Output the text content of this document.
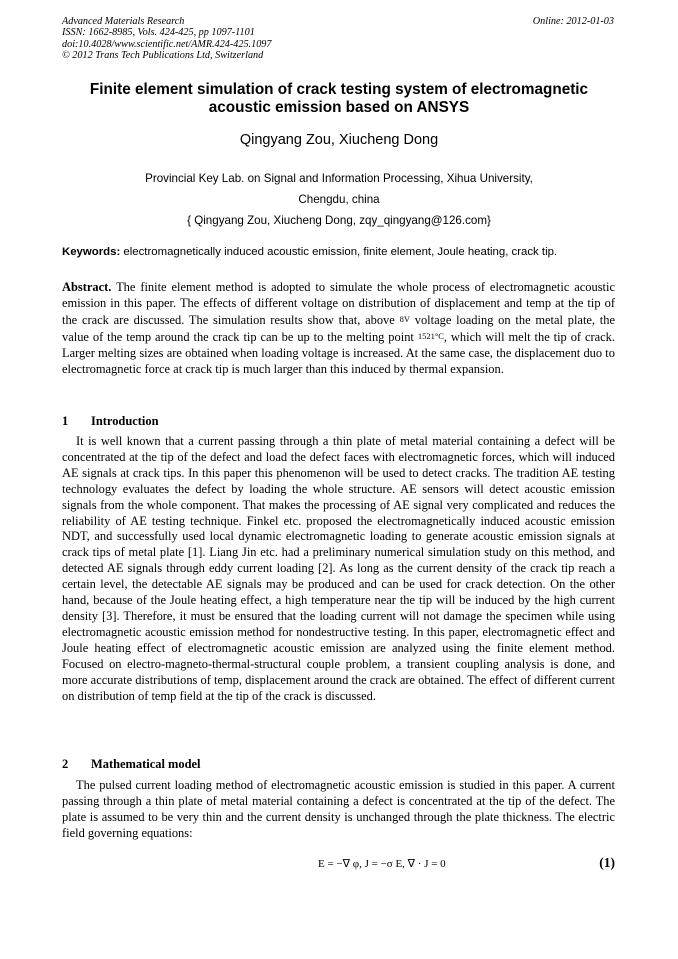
Advanced Materials Research
ISSN: 1662-8985, Vols. 424-425, pp 1097-1101
doi:10.4028/www.scientific.net/AMR.424-425.1097
© 2012 Trans Tech Publications Ltd, Switzerland
Online: 2012-01-03
Finite element simulation of crack testing system of electromagnetic
acoustic emission based on ANSYS
Qingyang Zou, Xiucheng Dong
Provincial Key Lab. on Signal and Information Processing, Xihua University,
Chengdu, china
{ Qingyang Zou, Xiucheng Dong, zqy_qingyang@126.com}
Keywords: electromagnetically induced acoustic emission, finite element, Joule heating, crack tip.
Abstract. The finite element method is adopted to simulate the whole process of electromagnetic acoustic emission in this paper. The effects of different voltage on distribution of displacement and temp at the tip of the crack are discussed. The simulation results show that, above 8V voltage loading on the metal plate, the value of the temp around the crack tip can be up to the melting point 1521°C, which will melt the tip of crack. Larger melting sizes are obtained when loading voltage is increased. At the same case, the displacement duo to electromagnetic force at crack tip is much larger than this induced by thermal expansion.
1 Introduction
It is well known that a current passing through a thin plate of metal material containing a defect will be concentrated at the tip of the defect and load the defect faces with electromagnetic forces, which will induced AE signals at crack tips. In this paper this phenomenon will be used to detect cracks. The tradition AE testing technology evaluates the defect by loading the whole structure. AE sensors will detect acoustic emission signals from the whole component. That makes the processing of AE signal very complicated and reduces the reliability of AE testing technique. Finkel etc. proposed the electromagnetically induced acoustic emission NDT, and successfully used local dynamic electromagnetic loading to generate acoustic emission signals at crack tips of metal plate [1]. Liang Jin etc. had a preliminary numerical simulation study on this method, and detected AE signals through eddy current loading [2]. As long as the current density of the crack tip reach a certain level, the detectable AE signals may be produced and can be used for crack detection. On the other hand, because of the Joule heating effect, a high temperature near the tip will be induced by the high current density [3]. Therefore, it must be ensured that the loading current will not damage the specimen while using electromagnetic acoustic emission method for nondestructive testing. In this paper, electromagnetic effect and Joule heating effect of electromagnetic acoustic emission are analyzed using the finite element method. Focused on electro-magneto-thermal-structural couple problem, a transient coupling analysis is done, and more accurate distributions of temp, displacement around the crack are obtained. The effect of different current on distribution of temp field at the tip of the crack is discussed.
2 Mathematical model
The pulsed current loading method of electromagnetic acoustic emission is studied in this paper. A current passing through a thin plate of metal material containing a defect is concentrated at the tip of the defect. The plate is assumed to be very thin and the current density is unchanged through the plate thickness. The electric field governing equations:
E = −∇ φ, J = −σ E, ∇ · J = 0	(1)
